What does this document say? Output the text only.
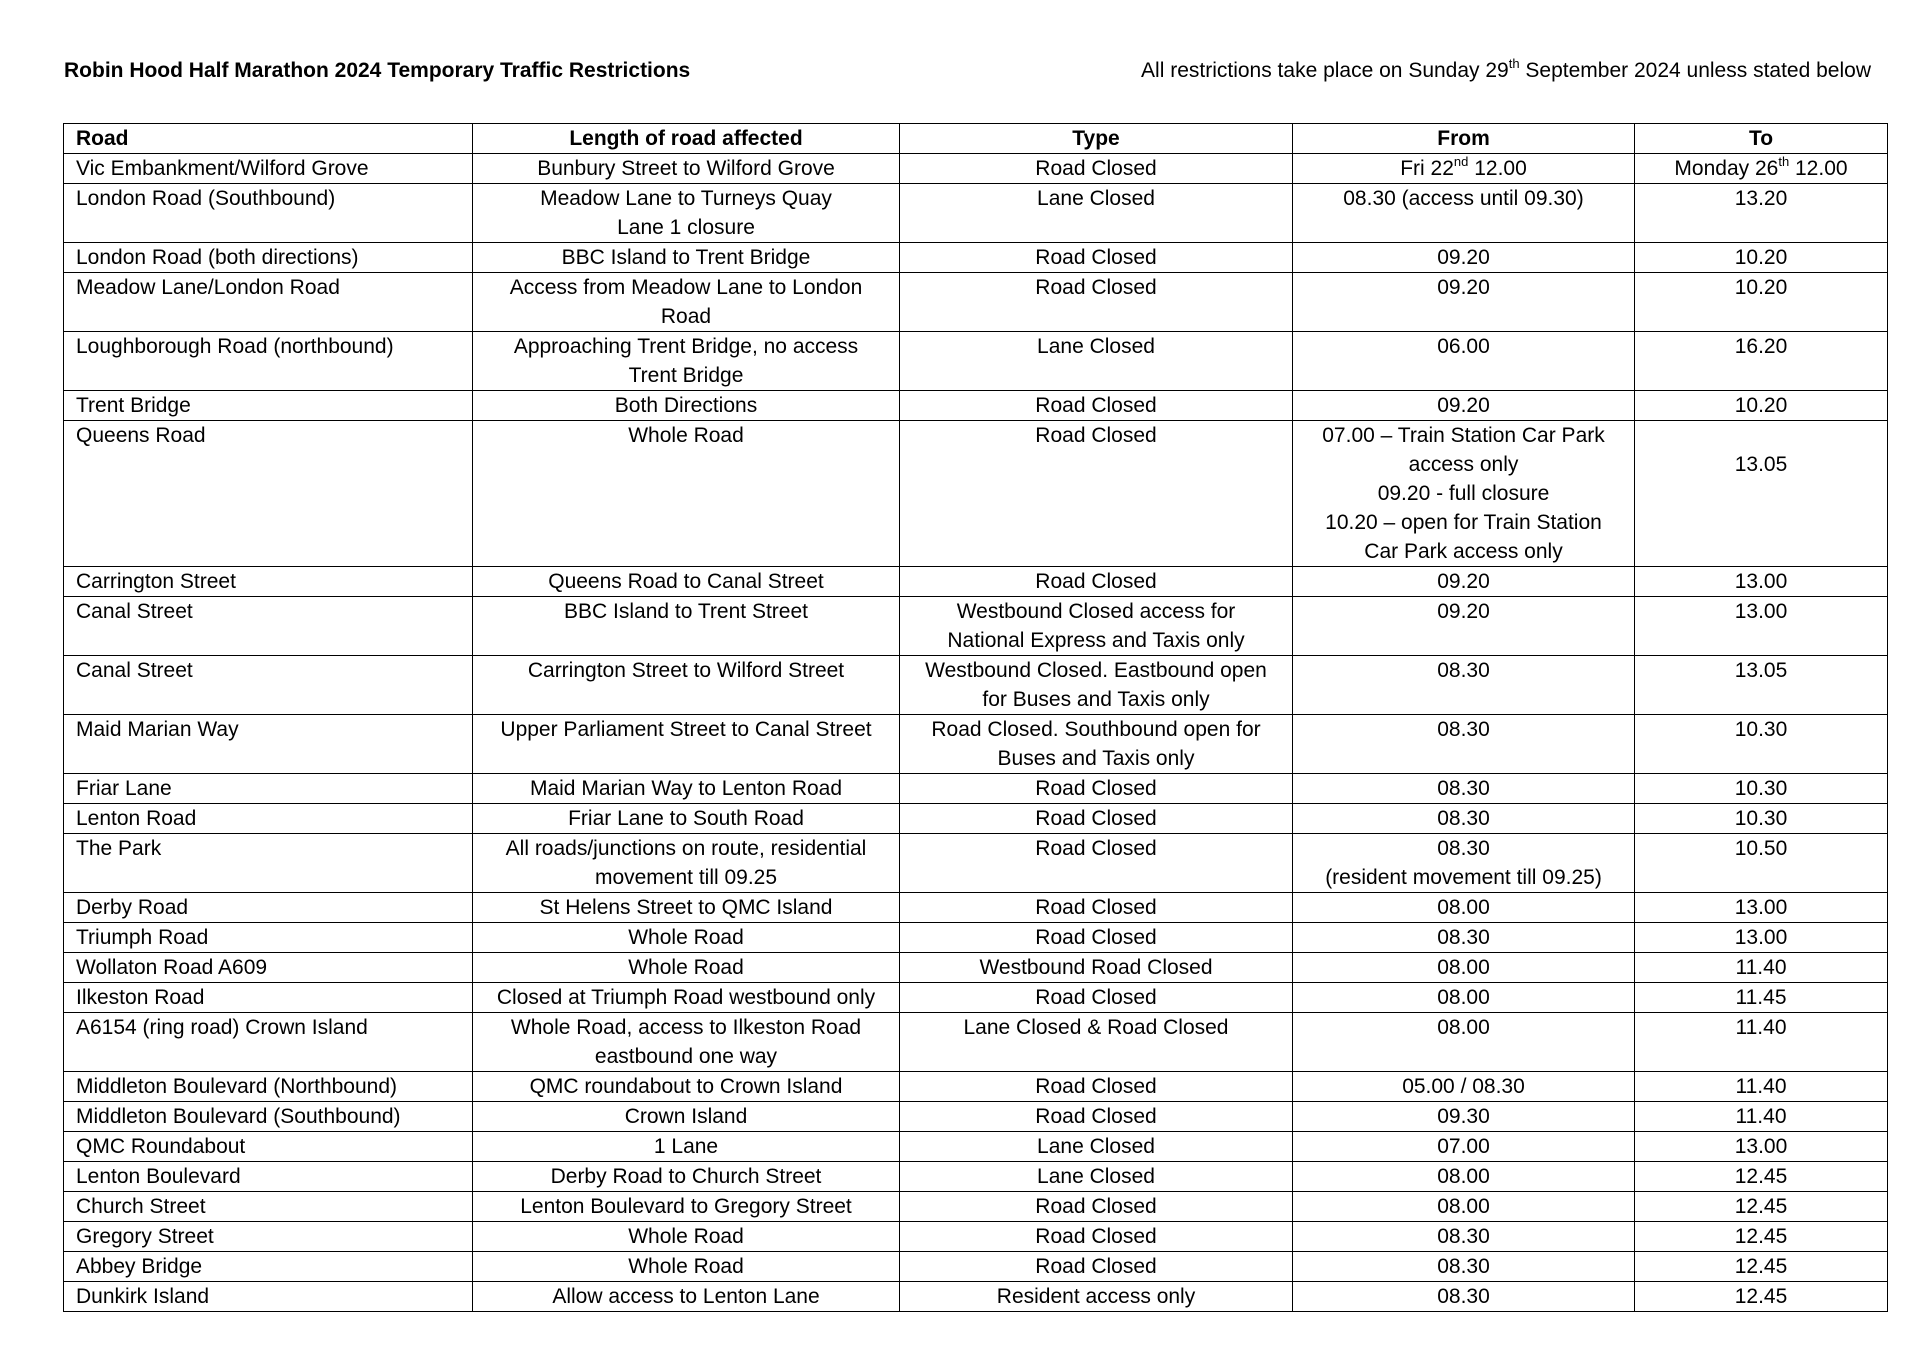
Robin Hood Half Marathon 2024 Temporary Traffic Restrictions	All restrictions take place on Sunday 29th September 2024 unless stated below
Road	Length of road affected	Type	From	To

Vic Embankment/Wilford Grove	Bunbury Street to Wilford Grove	Road Closed	Fri 22nd 12.00	Monday 26th 12.00

London Road (Southbound)	Meadow Lane to Turneys Quay
Lane 1 closure	Lane Closed	08.30 (access until 09.30)	13.20

London Road (both directions)	BBC Island to Trent Bridge	Road Closed	09.20	10.20

Meadow Lane/London Road	Access from Meadow Lane to London
Road	Road Closed	09.20	10.20

Loughborough Road (northbound)	Approaching Trent Bridge, no access
Trent Bridge	Lane Closed	06.00	16.20

Trent Bridge	Both Directions	Road Closed	09.20	10.20

Queens Road	Whole Road	Road Closed	07.00 – Train Station Car Park
access only
09.20 - full closure
10.20 – open for Train Station
Car Park access only	13.05

Carrington Street	Queens Road to Canal Street	Road Closed	09.20	13.00

Canal Street	BBC Island to Trent Street	Westbound Closed access for
National Express and Taxis only	09.20	13.00

Canal Street	Carrington Street to Wilford Street	Westbound Closed. Eastbound open
for Buses and Taxis only	08.30	13.05

Maid Marian Way	Upper Parliament Street to Canal Street	Road Closed. Southbound open for
Buses and Taxis only	08.30	10.30

Friar Lane	Maid Marian Way to Lenton Road	Road Closed	08.30	10.30

Lenton Road	Friar Lane to South Road	Road Closed	08.30	10.30

The Park	All roads/junctions on route, residential
movement till 09.25	Road Closed	08.30
(resident movement till 09.25)	10.50

Derby Road	St Helens Street to QMC Island	Road Closed	08.00	13.00

Triumph Road	Whole Road	Road Closed	08.30	13.00

Wollaton Road A609	Whole Road	Westbound Road Closed	08.00	11.40

Ilkeston Road	Closed at Triumph Road westbound only	Road Closed	08.00	11.45

A6154 (ring road) Crown Island	Whole Road, access to Ilkeston Road
eastbound one way	Lane Closed & Road Closed	08.00	11.40

Middleton Boulevard (Northbound)	QMC roundabout to Crown Island	Road Closed	05.00 / 08.30	11.40

Middleton Boulevard (Southbound)	Crown Island	Road Closed	09.30	11.40

QMC Roundabout	1 Lane	Lane Closed	07.00	13.00

Lenton Boulevard	Derby Road to Church Street	Lane Closed	08.00	12.45

Church Street	Lenton Boulevard to Gregory Street	Road Closed	08.00	12.45

Gregory Street	Whole Road	Road Closed	08.30	12.45

Abbey Bridge	Whole Road	Road Closed	08.30	12.45

Dunkirk Island	Allow access to Lenton Lane	Resident access only	08.30	12.45
